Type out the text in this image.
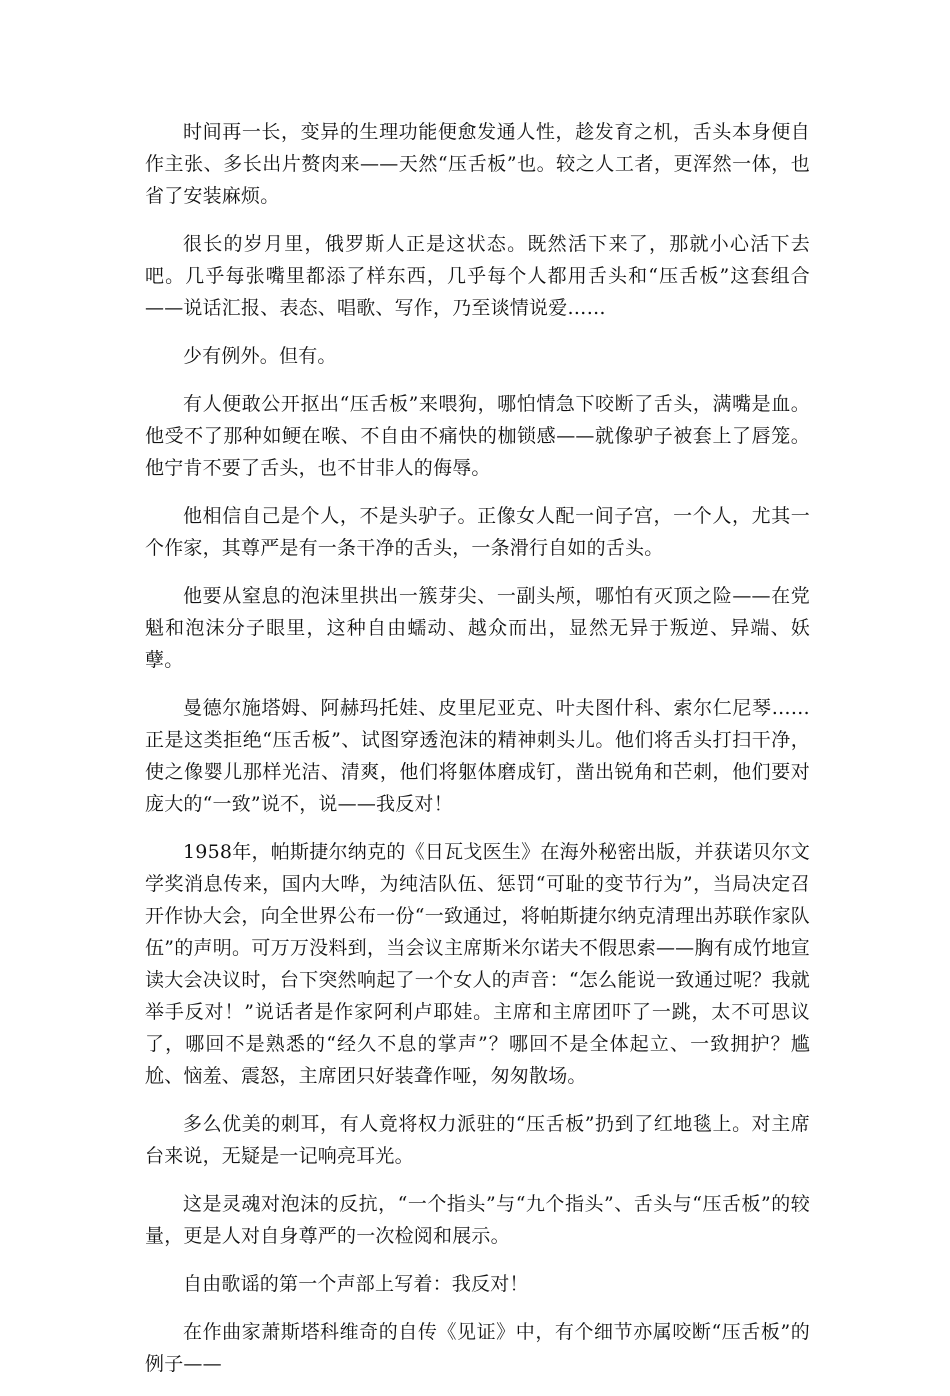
时间再一长，变异的生理功能便愈发通人性，趁发育之机，舌头本身便自作主张、多长出片赘肉来——天然“压舌板”也。较之人工者，更浑然一体，也省了安装麻烦。

很长的岁月里，俄罗斯人正是这状态。既然活下来了，那就小心活下去吧。几乎每张嘴里都添了样东西，几乎每个人都用舌头和“压舌板”这套组合——说话汇报、表态、唱歌、写作，乃至谈情说爱……

少有例外。但有。

有人便敢公开抠出“压舌板”来喂狗，哪怕情急下咬断了舌头，满嘴是血。他受不了那种如鲠在喉、不自由不痛快的枷锁感——就像驴子被套上了唇笼。他宁肯不要了舌头，也不甘非人的侮辱。

他相信自己是个人，不是头驴子。正像女人配一间子宫，一个人，尤其一个作家，其尊严是有一条干净的舌头，一条滑行自如的舌头。

他要从窒息的泡沫里拱出一簇芽尖、一副头颅，哪怕有灭顶之险——在党魁和泡沫分子眼里，这种自由蠕动、越众而出，显然无异于叛逆、异端、妖孽。

曼德尔施塔姆、阿赫玛托娃、皮里尼亚克、叶夫图什科、索尔仁尼琴……正是这类拒绝“压舌板”、试图穿透泡沫的精神刺头儿。他们将舌头打扫干净，使之像婴儿那样光洁、清爽，他们将躯体磨成钉，凿出锐角和芒刺，他们要对庞大的“一致”说不，说——我反对！

1958年，帕斯捷尔纳克的《日瓦戈医生》在海外秘密出版，并获诺贝尔文学奖消息传来，国内大哗，为纯洁队伍、惩罚“可耻的变节行为”，当局决定召开作协大会，向全世界公布一份“一致通过，将帕斯捷尔纳克清理出苏联作家队伍”的声明。可万万没料到，当会议主席斯米尔诺夫不假思索——胸有成竹地宣读大会决议时，台下突然响起了一个女人的声音：“怎么能说一致通过呢？我就举手反对！”说话者是作家阿利卢耶娃。主席和主席团吓了一跳，太不可思议了，哪回不是熟悉的“经久不息的掌声”？哪回不是全体起立、一致拥护？尴尬、恼羞、震怒，主席团只好装聋作哑，匆匆散场。

多么优美的刺耳，有人竟将权力派驻的“压舌板”扔到了红地毯上。对主席台来说，无疑是一记响亮耳光。

这是灵魂对泡沫的反抗，“一个指头”与“九个指头”、舌头与“压舌板”的较量，更是人对自身尊严的一次检阅和展示。

自由歌谣的第一个声部上写着：我反对！

在作曲家萧斯塔科维奇的自传《见证》中，有个细节亦属咬断“压舌板”的例子——
